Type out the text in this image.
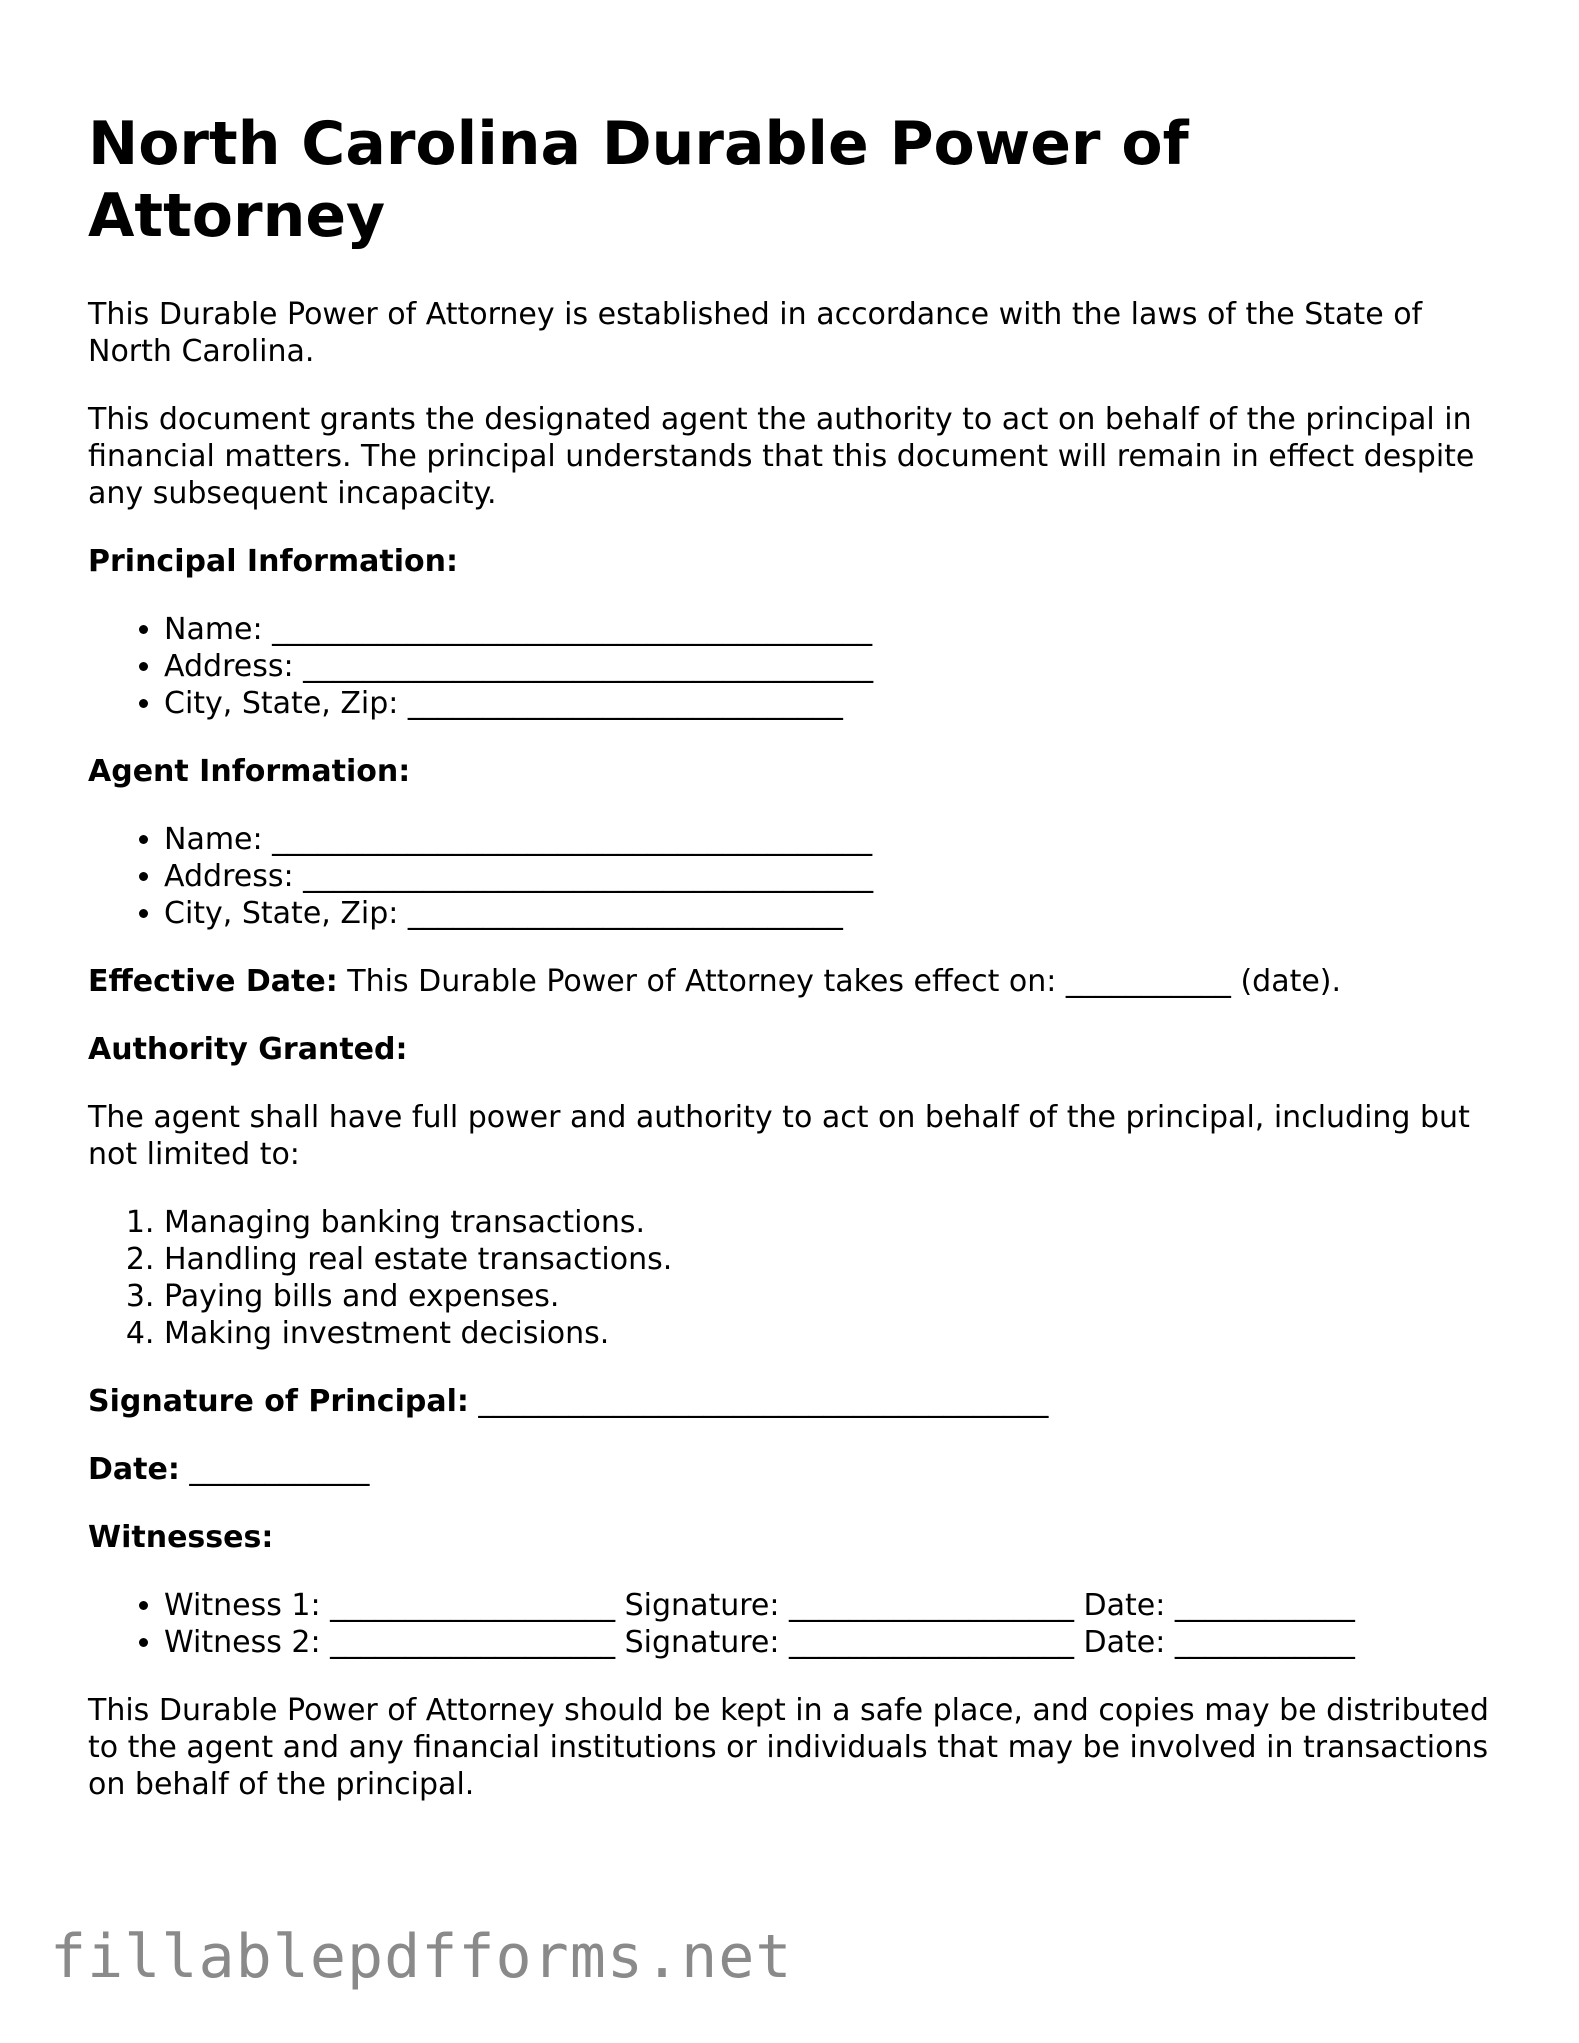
North Carolina Durable Power of Attorney

This Durable Power of Attorney is established in accordance with the laws of the State of North Carolina.

This document grants the designated agent the authority to act on behalf of the principal in financial matters. The principal understands that this document will remain in effect despite any subsequent incapacity.

Principal Information:

• Name: ________________________________________
• Address: ______________________________________
• City, State, Zip: _____________________________

Agent Information:

• Name: ________________________________________
• Address: ______________________________________
• City, State, Zip: _____________________________

Effective Date: This Durable Power of Attorney takes effect on: ___________ (date).

Authority Granted:

The agent shall have full power and authority to act on behalf of the principal, including but not limited to:

1. Managing banking transactions.
2. Handling real estate transactions.
3. Paying bills and expenses.
4. Making investment decisions.

Signature of Principal: ______________________________________

Date: ____________

Witnesses:

• Witness 1: ___________________ Signature: ___________________ Date: ____________
• Witness 2: ___________________ Signature: ___________________ Date: ____________

This Durable Power of Attorney should be kept in a safe place, and copies may be distributed to the agent and any financial institutions or individuals that may be involved in transactions on behalf of the principal.

fillablepdfforms.net
